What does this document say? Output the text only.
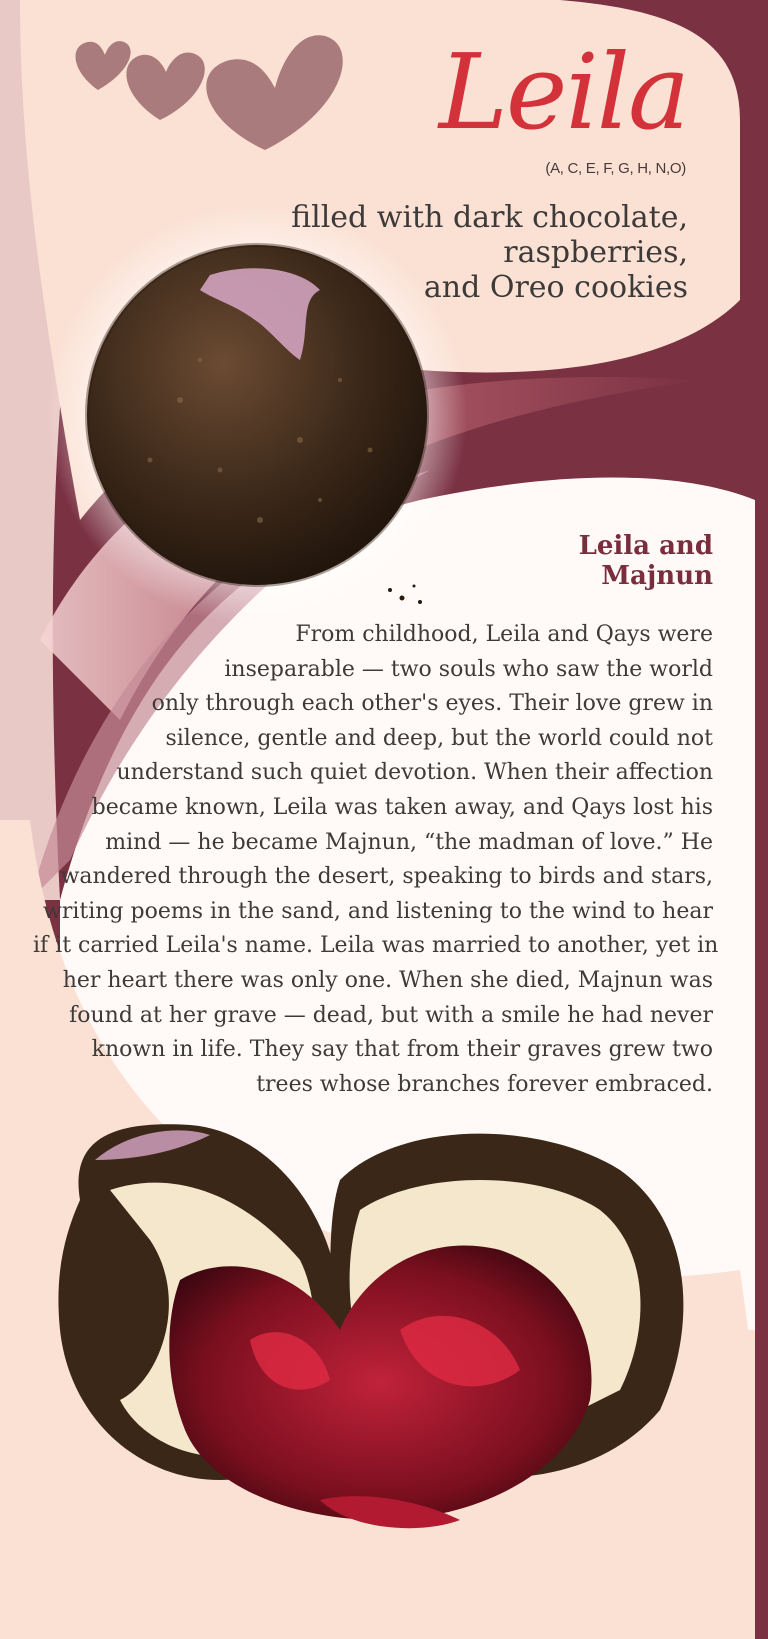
Leila
(A, C, E, F, G, H, N,O)
filled with dark chocolate, raspberries,
and Oreo cookies
Leila and
Majnun
From childhood, Leila and Qays were
inseparable — two souls who saw the world
only through each other's eyes. Their love grew in
silence, gentle and deep, but the world could not
understand such quiet devotion. When their affection
became known, Leila was taken away, and Qays lost his
mind — he became Majnun, “the madman of love.” He
wandered through the desert, speaking to birds and stars,
writing poems in the sand, and listening to the wind to hear
if it carried Leila's name. Leila was married to another, yet in
her heart there was only one. When she died, Majnun was
found at her grave — dead, but with a smile he had never
known in life. They say that from their graves grew two
trees whose branches forever embraced.
